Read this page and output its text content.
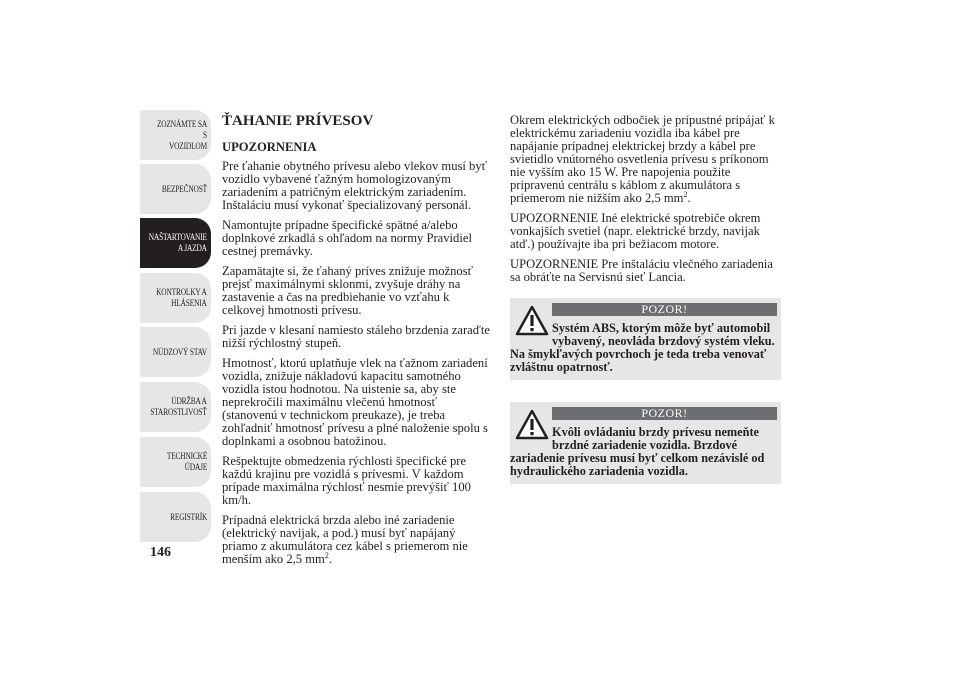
ZOZNÁMTE SA S
VOZIDLOM
BEZPEČNOSŤ
NAŠTARTOVANIE
A JAZDA
KONTROLKY A
HLÁSENIA
NÚDZOVÝ STAV
ÚDRŽBA A
STAROSTLIVOSŤ
TECHNICKÉ
ÚDAJE
REGISTRÍK
146
ŤAHANIE PRÍVESOV
UPOZORNENIA

Pre ťahanie obytného prívesu alebo vlekov musí byť vozidlo vybavené ťažným homologizovaným zariadením a patričným elektrickým zariadením. Inštaláciu musí vykonať špecializovaný personál.

Namontujte prípadne špecifické spätné a/alebo doplnkové zrkadlá s ohľadom na normy Pravidiel cestnej premávky.

Zapamätajte si, že ťahaný príves znižuje možnosť prejsť maximálnymi sklonmi, zvyšuje dráhy na zastavenie a čas na predbiehanie vo vzťahu k celkovej hmotnosti prívesu.

Pri jazde v klesaní namiesto stáleho brzdenia zaraďte nižší rýchlostný stupeň.

Hmotnosť, ktorú uplatňuje vlek na ťažnom zariadení vozidla, znižuje nákladovú kapacitu samotného vozidla istou hodnotou. Na uistenie sa, aby ste neprekročili maximálnu vlečenú hmotnosť (stanovenú v technickom preukaze), je treba zohľadniť hmotnosť prívesu a plné naloženie spolu s doplnkami a osobnou batožinou.

Rešpektujte obmedzenia rýchlosti špecifické pre každú krajinu pre vozidlá s prívesmi. V každom prípade maximálna rýchlosť nesmie prevýšiť 100 km/h.

Prípadná elektrická brzda alebo iné zariadenie (elektrický navijak, a pod.) musí byť napájaný priamo z akumulátora cez kábel s priemerom nie menším ako 2,5 $mm^2$.

Okrem elektrických odbočiek je prípustné pripájať k elektrickému zariadeniu vozidla iba kábel pre napájanie prípadnej elektrickej brzdy a kábel pre svietidlo vnútorného osvetlenia prívesu s príkonom nie vyšším ako 15 W. Pre napojenia použite pripravenú centrálu s káblom z akumulátora s priemerom nie nižším ako 2,5 $mm^2$.

UPOZORNENIE Iné elektrické spotrebiče okrem vonkajších svetiel (napr. elektrické brzdy, navijak atď.) používajte iba pri bežiacom motore.

UPOZORNENIE Pre inštaláciu vlečného zariadenia sa obráťte na Servisnú sieť Lancia.

POZOR!
Systém ABS, ktorým môže byť automobil
vybavený, neovláda brzdový systém vleku.
Na šmykľavých povrchoch je teda treba venovať zvláštnu opatrnosť.
POZOR!
Kvôli ovládaniu brzdy prívesu nemeňte
brzdné zariadenie vozidla. Brzdové
zariadenie prívesu musí byť celkom nezávislé od hydraulického zariadenia vozidla.
